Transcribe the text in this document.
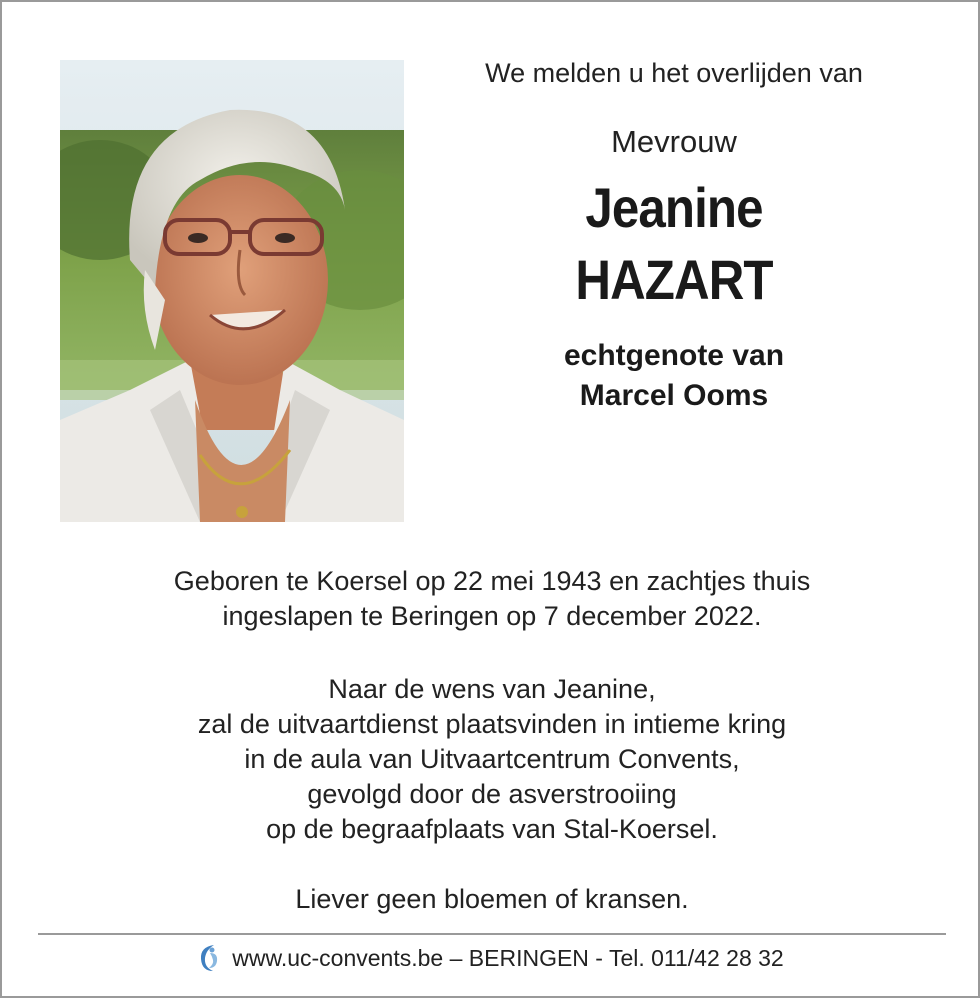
We melden u het overlijden van
Mevrouw
Jeanine
HAZART
echtgenote van
Marcel Ooms
Geboren te Koersel op 22 mei 1943 en zachtjes thuis
ingeslapen te Beringen op 7 december 2022.
Naar de wens van Jeanine,
zal de uitvaartdienst plaatsvinden in intieme kring
in de aula van Uitvaartcentrum Convents,
gevolgd door de asverstrooiing
op de begraafplaats van Stal-Koersel.
Liever geen bloemen of kransen.
www.uc-convents.be – BERINGEN - Tel. 011/42 28 32
